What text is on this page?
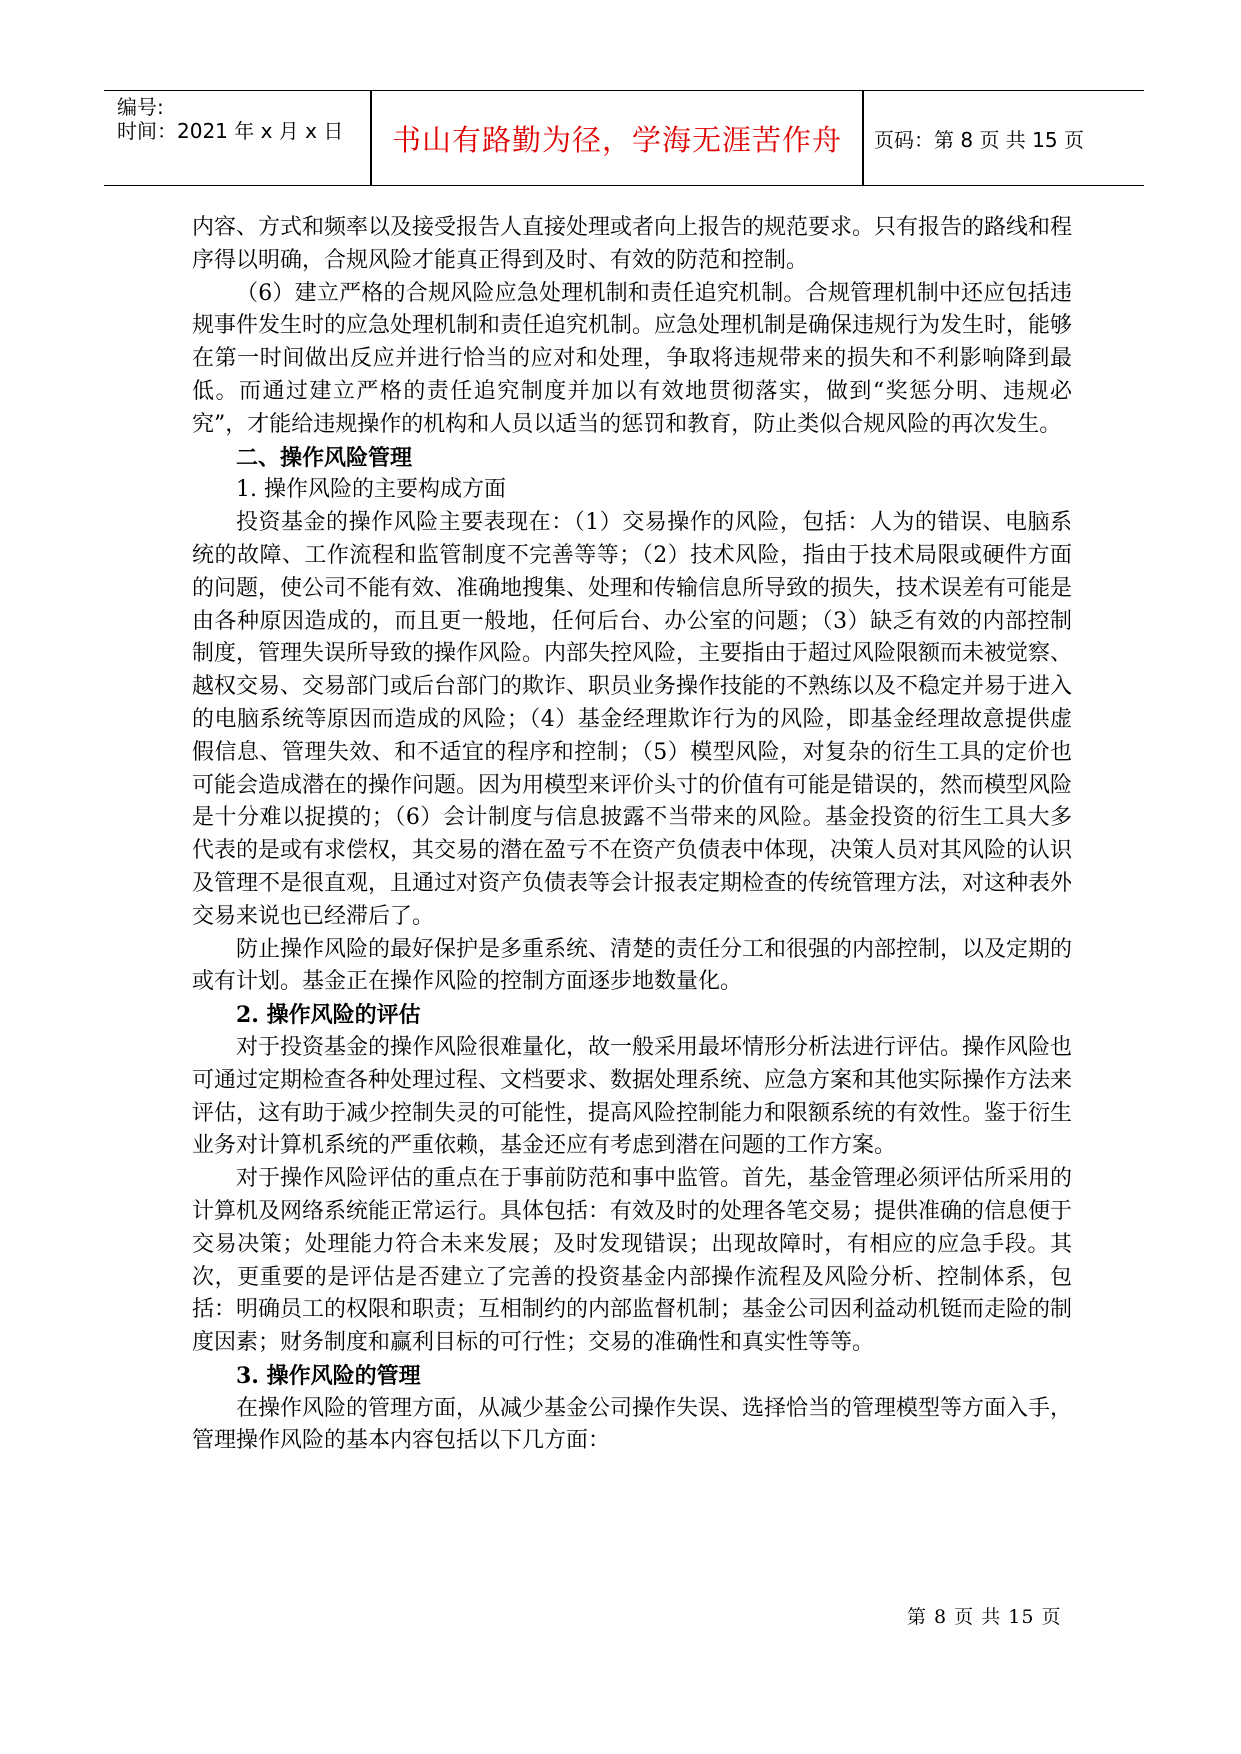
编号:
时间：2021 年 x 月 x 日 书山有路勤为径，学海无涯苦作舟 页码：第 8 页 共 15 页

内容、方式和频率以及接受报告人直接处理或者向上报告的规范要求。只有报告的路线和程序得以明确，合规风险才能真正得到及时、有效的防范和控制。

（6）建立严格的合规风险应急处理机制和责任追究机制。合规管理机制中还应包括违规事件发生时的应急处理机制和责任追究机制。应急处理机制是确保违规行为发生时，能够在第一时间做出反应并进行恰当的应对和处理，争取将违规带来的损失和不利影响降到最低。而通过建立严格的责任追究制度并加以有效地贯彻落实，做到“奖惩分明、违规必究”，才能给违规操作的机构和人员以适当的惩罚和教育，防止类似合规风险的再次发生。

二、操作风险管理

1. 操作风险的主要构成方面

投资基金的操作风险主要表现在：（1）交易操作的风险，包括：人为的错误、电脑系统的故障、工作流程和监管制度不完善等等；（2）技术风险，指由于技术局限或硬件方面的问题，使公司不能有效、准确地搜集、处理和传输信息所导致的损失，技术误差有可能是由各种原因造成的，而且更一般地，任何后台、办公室的问题；（3）缺乏有效的内部控制制度，管理失误所导致的操作风险。内部失控风险，主要指由于超过风险限额而未被觉察、越权交易、交易部门或后台部门的欺诈、职员业务操作技能的不熟练以及不稳定并易于进入的电脑系统等原因而造成的风险；（4）基金经理欺诈行为的风险，即基金经理故意提供虚假信息、管理失效、和不适宜的程序和控制；（5）模型风险，对复杂的衍生工具的定价也可能会造成潜在的操作问题。因为用模型来评价头寸的价值有可能是错误的，然而模型风险是十分难以捉摸的；（6）会计制度与信息披露不当带来的风险。基金投资的衍生工具大多代表的是或有求偿权，其交易的潜在盈亏不在资产负债表中体现，决策人员对其风险的认识及管理不是很直观，且通过对资产负债表等会计报表定期检查的传统管理方法，对这种表外交易来说也已经滞后了。

防止操作风险的最好保护是多重系统、清楚的责任分工和很强的内部控制，以及定期的或有计划。基金正在操作风险的控制方面逐步地数量化。

2. 操作风险的评估

对于投资基金的操作风险很难量化，故一般采用最坏情形分析法进行评估。操作风险也可通过定期检查各种处理过程、文档要求、数据处理系统、应急方案和其他实际操作方法来评估，这有助于减少控制失灵的可能性，提高风险控制能力和限额系统的有效性。鉴于衍生业务对计算机系统的严重依赖，基金还应有考虑到潜在问题的工作方案。

对于操作风险评估的重点在于事前防范和事中监管。首先，基金管理必须评估所采用的计算机及网络系统能正常运行。具体包括：有效及时的处理各笔交易；提供准确的信息便于交易决策；处理能力符合未来发展；及时发现错误；出现故障时，有相应的应急手段。其次，更重要的是评估是否建立了完善的投资基金内部操作流程及风险分析、控制体系，包括：明确员工的权限和职责；互相制约的内部监督机制；基金公司因利益动机铤而走险的制度因素；财务制度和赢利目标的可行性；交易的准确性和真实性等等。

3. 操作风险的管理

在操作风险的管理方面，从减少基金公司操作失误、选择恰当的管理模型等方面入手，管理操作风险的基本内容包括以下几方面：

第 8 页 共 15 页
